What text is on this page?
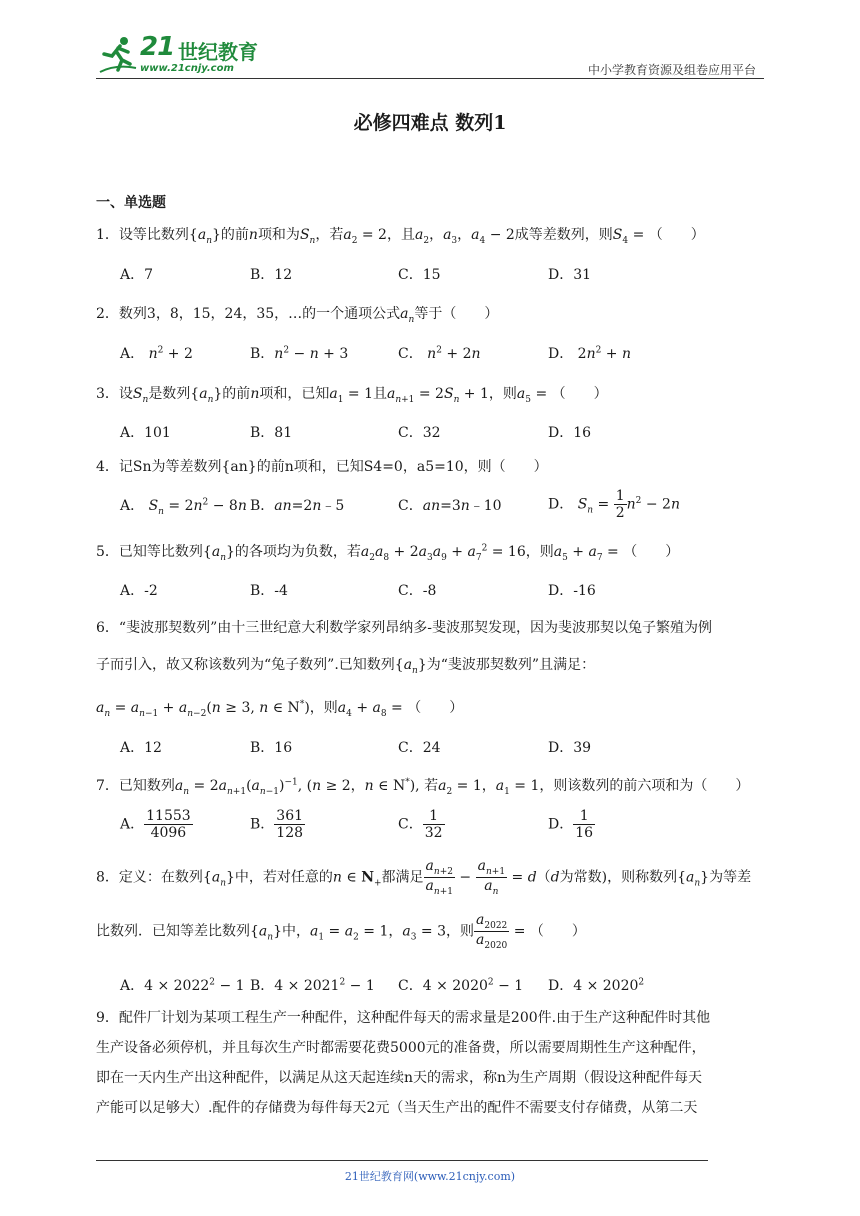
21 世纪教育
www.21cnjy.com	中小学教育资源及组卷应用平台
必修四难点 数列1
一、单选题
1．设等比数列$\{a_n\}$的前n项和为$S_n$，若$a_2 = 2$，且$a_2$，$a_3$，$a_4 - 2$成等差数列，则$S_4$ = （　　）
A．7	B．12	C．15	D．31
2．数列3，8，15，24，35，…的一个通项公式$a_n$等于（　　）
A． $n^2 + 2$	B．$n^2 - n + 3$	C． $n^2 + 2n$	D． $2n^2 + n$
3．设$S_n$是数列$\{a_n\}$的前n项和，已知$a_1 = 1$且$a_{n+1} = 2S_n + 1$，则$a_5$ = （　　）
A．101	B．81	C．32	D．16
4．记Sn为等差数列{an}的前n项和，已知S4=0，a5=10，则（　　）
A． $S_n = 2n^2 - 8n$ B．an=2n﹣5	C．an=3n﹣10	D． $S_n = \frac{1}{2} n^2 - 2n$
5．已知等比数列$\{a_n\}$的各项均为负数，若$a_2a_8 + 2a_3a_9 + a_7^2 = 16$，则$a_5 + a_7$ = （　　）
A．-2	B．-4	C．-8	D．-16
6．“斐波那契数列”由十三世纪意大利数学家列昂纳多-斐波那契发现，因为斐波那契以兔子繁殖为例
子而引入，故又称该数列为“兔子数列”.已知数列$\{a_n\}$为“斐波那契数列”且满足：
$a_n = a_{n-1} + a_{n-2}(n \ge 3$, n ∈ N*)，则$a_4 + a_8$ = （　　）
A．12	B．16	C．24	D．39
7．已知数列$a_n = 2a_{n+1}(a_{n-1})^{-1}$, (n ≥ 2，n ∈ N*), 若$a_2 = 1$，$a_1 = 1$，则该数列的前六项和为（　　）
A． $\frac{11553}{4096}$	B． $\frac{361}{128}$	C． $\frac{1}{32}$	D． $\frac{1}{16}$
8．定义：在数列$\{a_n\}$中，若对任意的n ∈ $N_+$都满足 $\frac{a_{n+2}}{a_{n+1}} - \frac{a_{n+1}}{a_n} = d(d$为常数)，则称数列$\{a_n\}$为等差
比数列．已知等差比数列$\{a_n\}$中，$a_1 = a_2 = 1$，$a_3 = 3$，则 $\frac{a_{2022}}{a_{2020}}$ = （　　）
A．$4 \times 2022^2 - 1$ B．$4 \times 2021^2 - 1$ C．$4 \times 2020^2 - 1$ D．$4 \times 2020^2$
9．配件厂计划为某项工程生产一种配件，这种配件每天的需求量是200件.由于生产这种配件时其他
生产设备必须停机，并且每次生产时都需要花费5000元的准备费，所以需要周期性生产这种配件，
即在一天内生产出这种配件，以满足从这天起连续n天的需求，称n为生产周期（假设这种配件每天
产能可以足够大）.配件的存储费为每件每天2元（当天生产出的配件不需要支付存储费，从第二天
21世纪教育网(www.21cnjy.com)
